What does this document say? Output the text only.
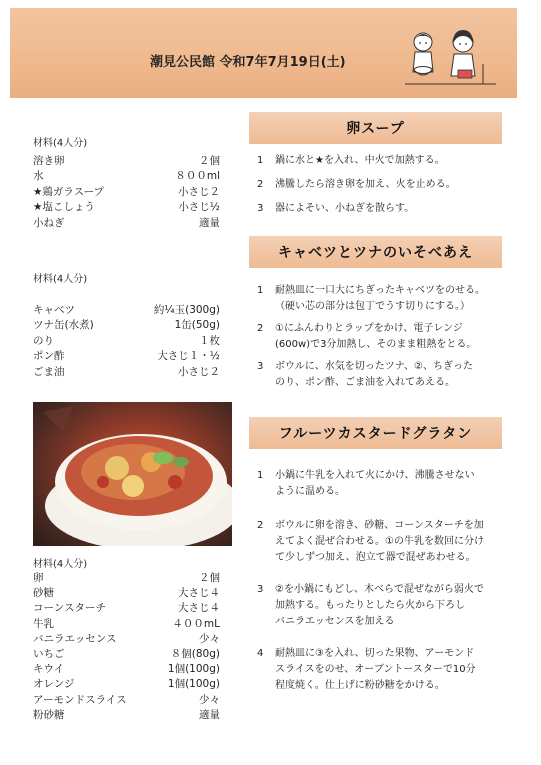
潮見公民館 令和7年7月19日(土)
卵スープ
材料(4人分)
溶き卵	２個
水	８００ml
★鶏ガラスープ	小さじ２
★塩こしょう	小さじ½
小ねぎ	適量
1	鍋に水と★を入れ、中火で加熱する。
2	沸騰したら溶き卵を加え、火を止める。
3	器によそい、小ねぎを散らす。
キャベツとツナのいそべあえ
材料(4人分)
キャベツ	約¼玉(300g)
ツナ缶(水煮)	1缶(50g)
のり	１枚
ポン酢	大さじ１・½
ごま油	小さじ２
1	耐熱皿に一口大にちぎったキャベツをのせる。
（硬い芯の部分は包丁でうす切りにする。）
2	①にふんわりとラップをかけ、電子レンジ
(600w)で3分加熱し、そのまま粗熱をとる。
3	ボウルに、水気を切ったツナ、②、ちぎった
のり、ポン酢、ごま油を入れてあえる。
フルーツカスタードグラタン
材料(4人分)
卵	２個
砂糖	大さじ４
コーンスターチ	大さじ４
牛乳	４００mL
バニラエッセンス	少々
いちご	８個(80g)
キウイ	1個(100g)
オレンジ	1個(100g)
アーモンドスライス	少々
粉砂糖	適量
1	小鍋に牛乳を入れて火にかけ、沸騰させない
ように温める。
2	ボウルに卵を溶き、砂糖、コーンスターチを加
えてよく混ぜ合わせる。①の牛乳を数回に分け
て少しずつ加え、泡立て器で混ぜあわせる。
3	②を小鍋にもどし、木べらで混ぜながら弱火で
加熱する。もったりとしたら火から下ろし
バニラエッセンスを加える
4	耐熱皿に③を入れ、切った果物、アーモンド
スライスをのせ、オーブントースターで10分
程度焼く。仕上げに粉砂糖をかける。
